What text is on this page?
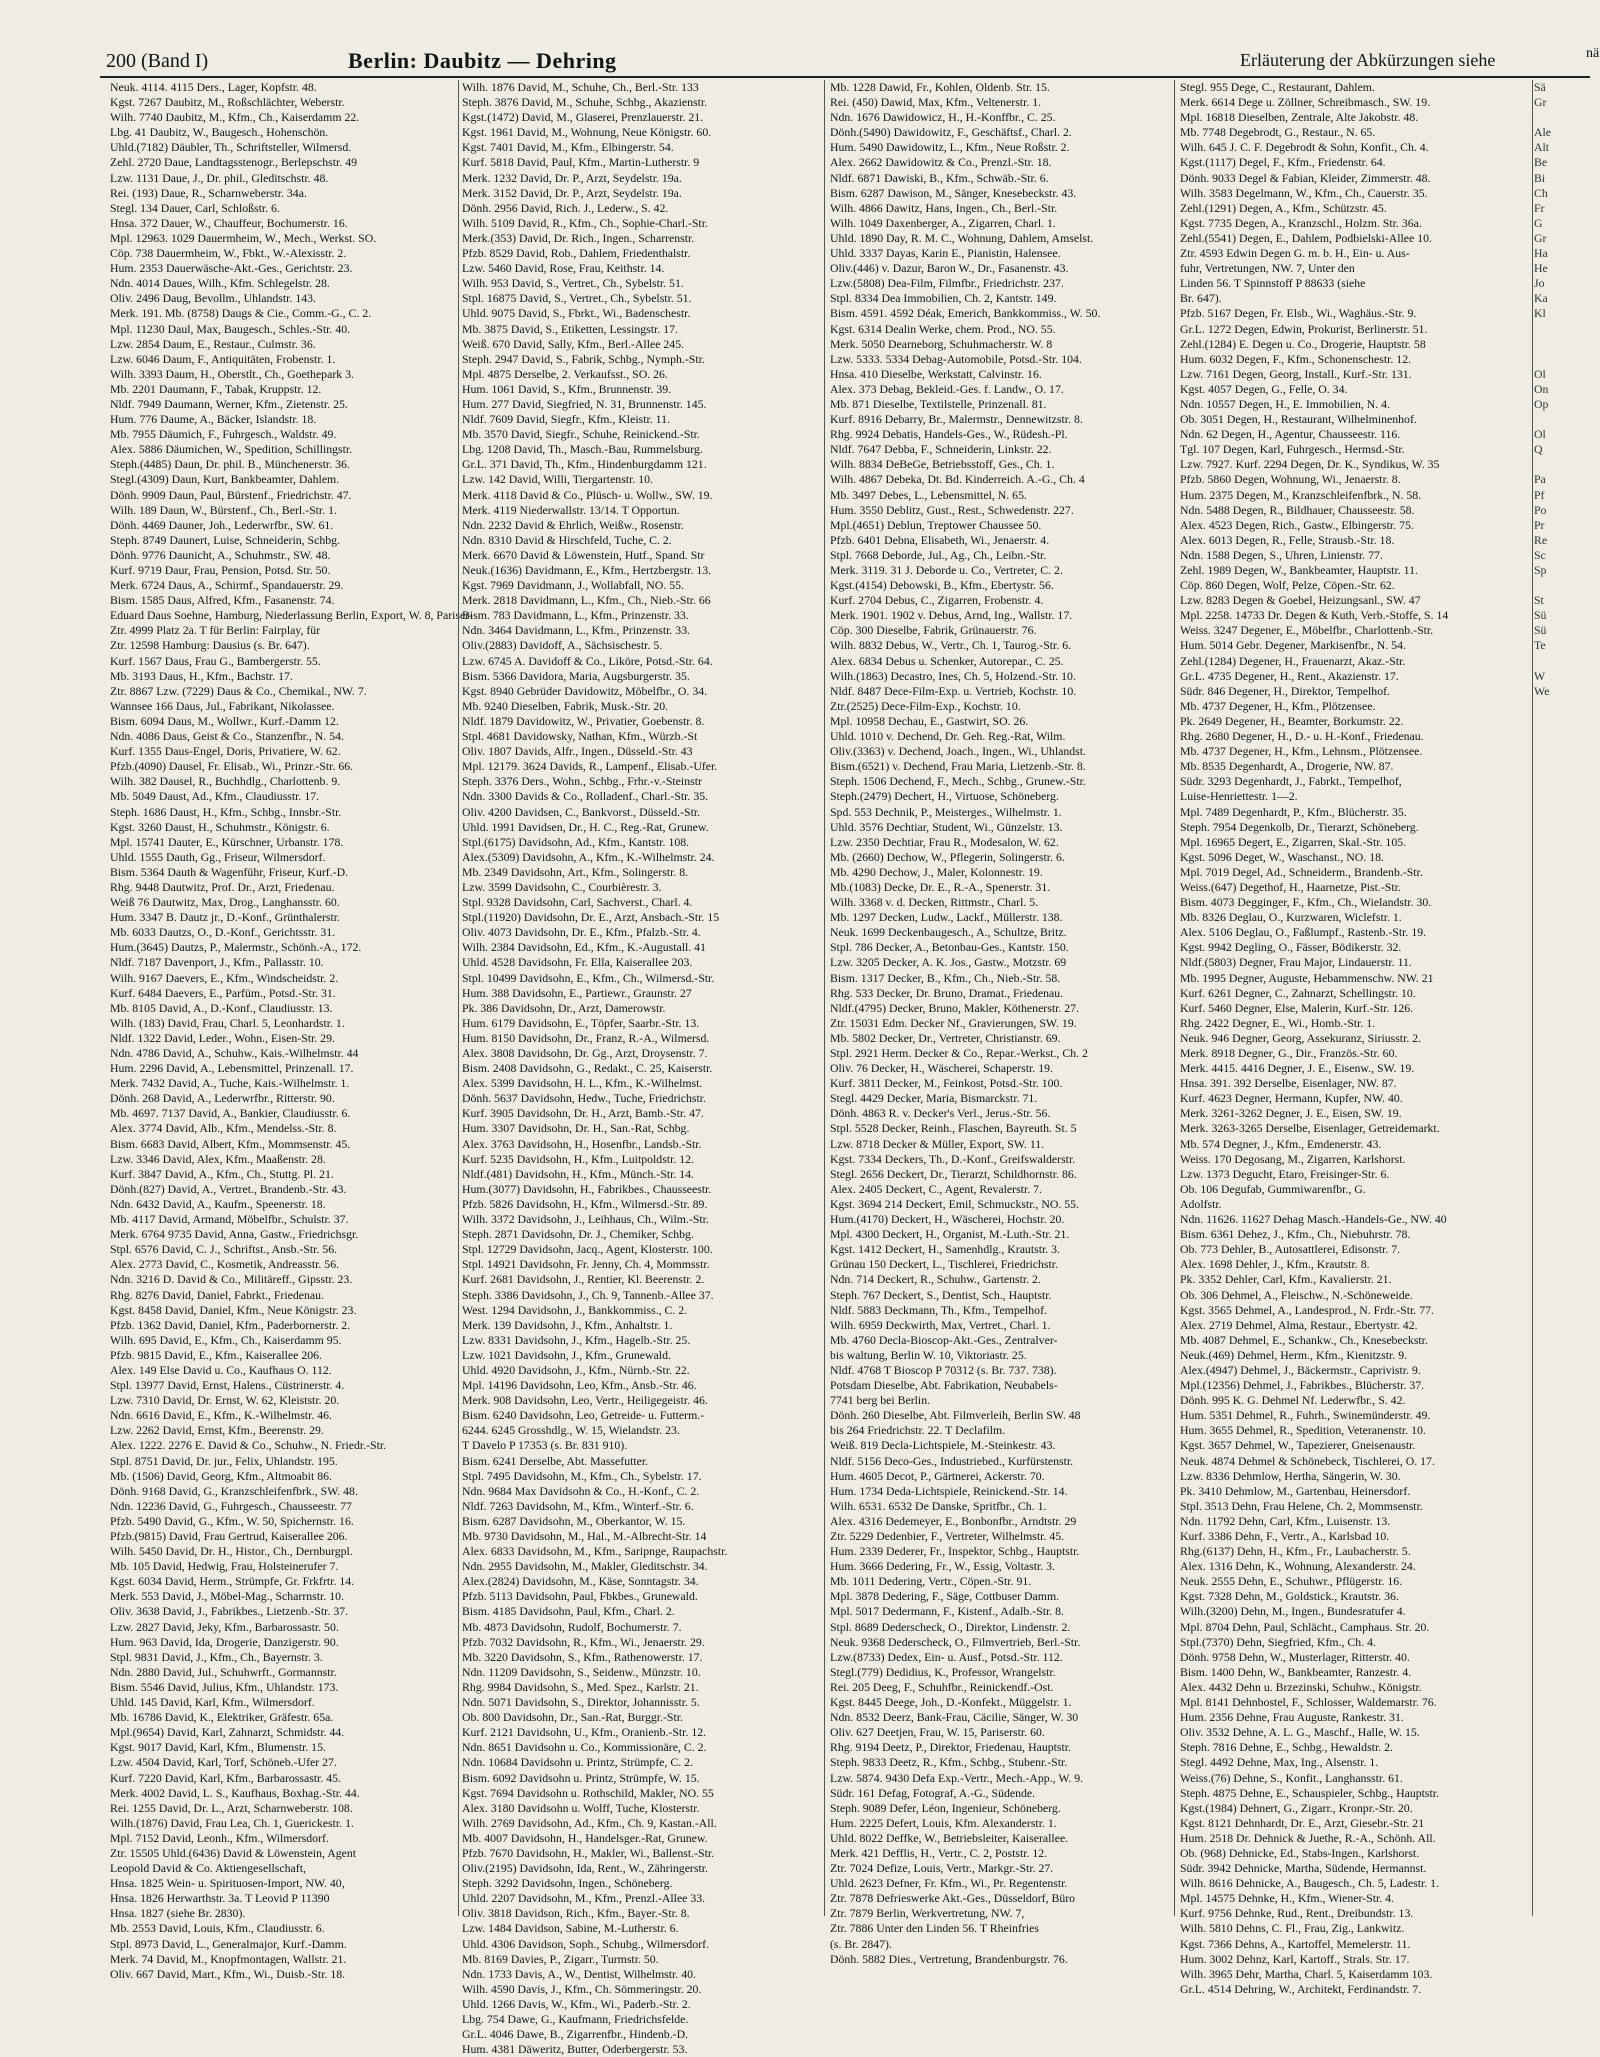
200 (Band I)	Berlin: Daubitz — Dehring	Erläuterung der Abkürzungen siehe	nä
Neuk. 4114. 4115 Ders., Lager, Kopfstr. 48.
Kgst. 7267 Daubitz, M., Roßschlächter, Weberstr.
Wilh. 7740 Daubitz, M., Kfm., Ch., Kaiserdamm 22.
Lbg. 41 Daubitz, W., Baugesch., Hohenschön.
Uhld.(7182) Däubler, Th., Schriftsteller, Wilmersd.
Zehl. 2720 Daue, Landtagsstenogr., Berlepschstr. 49
Lzw. 1131 Daue, J., Dr. phil., Gleditschstr. 48.
Rei. (193) Daue, R., Scharnweberstr. 34a.
Stegl. 134 Dauer, Carl, Schloßstr. 6.
Hnsa. 372 Dauer, W., Chauffeur, Bochumerstr. 16.
Mpl. 12963. 1029 Dauermheim, W., Mech., Werkst. SO.
Cöp. 738 Dauermheim, W., Fbkt., W.-Alexisstr. 2.
Hum. 2353 Dauerwäsche-Akt.-Ges., Gerichtstr. 23.
Ndn. 4014 Daues, Wilh., Kfm. Schlegelstr. 28.
Oliv. 2496 Daug, Bevollm., Uhlandstr. 143.
Merk. 191. Mb. (8758) Daugs & Cie., Comm.-G., C. 2.
Mpl. 11230 Daul, Max, Baugesch., Schles.-Str. 40.
Lzw. 2854 Daum, E., Restaur., Culmstr. 36.
Lzw. 6046 Daum, F., Antiquitäten, Frobenstr. 1.
Wilh. 3393 Daum, H., Oberstlt., Ch., Goethepark 3.
Mb. 2201 Daumann, F., Tabak, Kruppstr. 12.
Nldf. 7949 Daumann, Werner, Kfm., Zietenstr. 25.
Hum. 776 Daume, A., Bäcker, Islandstr. 18.
Mb. 7955 Däumich, F., Fuhrgesch., Waldstr. 49.
Alex. 5886 Däumichen, W., Spedition, Schillingstr.
Steph.(4485) Daun, Dr. phil. B., Münchenerstr. 36.
Stegl.(4309) Daun, Kurt, Bankbeamter, Dahlem.
Dönh. 9909 Daun, Paul, Bürstenf., Friedrichstr. 47.
Wilh. 189 Daun, W., Bürstenf., Ch., Berl.-Str. 1.
Dönh. 4469 Dauner, Joh., Lederwrfbr., SW. 61.
Steph. 8749 Daunert, Luise, Schneiderin, Schbg.
Dönh. 9776 Daunicht, A., Schuhmstr., SW. 48.
Kurf. 9719 Daur, Frau, Pension, Potsd. Str. 50.
Merk. 6724 Daus, A., Schirmf., Spandauerstr. 29.
Bism. 1585 Daus, Alfred, Kfm., Fasanenstr. 74.
Eduard Daus Soehne, Hamburg, Niederlassung Berlin, Export, W. 8, Pariser-
Ztr. 4999 Platz 2a. T für Berlin: Fairplay, für
Ztr. 12598 Hamburg: Dausius (s. Br. 647).
Kurf. 1567 Daus, Frau G., Bambergerstr. 55.
Mb. 3193 Daus, H., Kfm., Bachstr. 17.
Ztr. 8867 Lzw. (7229) Daus & Co., Chemikal., NW. 7.
Wannsee 166 Daus, Jul., Fabrikant, Nikolassee.
Bism. 6094 Daus, M., Wollwr., Kurf.-Damm 12.
Ndn. 4086 Daus, Geist & Co., Stanzenfbr., N. 54.
Kurf. 1355 Daus-Engel, Doris, Privatiere, W. 62.
Pfzb.(4090) Dausel, Fr. Elisab., Wi., Prinzr.-Str. 66.
Wilh. 382 Dausel, R., Buchhdlg., Charlottenb. 9.
Mb. 5049 Daust, Ad., Kfm., Claudiusstr. 17.
Steph. 1686 Daust, H., Kfm., Schbg., Innsbr.-Str.
Kgst. 3260 Daust, H., Schuhmstr., Königstr. 6.
Mpl. 15741 Dauter, E., Kürschner, Urbanstr. 178.
Uhld. 1555 Dauth, Gg., Friseur, Wilmersdorf.
Bism. 5364 Dauth & Wagenführ, Friseur, Kurf.-D.
Rhg. 9448 Dautwitz, Prof. Dr., Arzt, Friedenau.
Weiß 76 Dautwitz, Max, Drog., Langhansstr. 60.
Hum. 3347 B. Dautz jr., D.-Konf., Grünthalerstr.
Mb. 6033 Dautzs, O., D.-Konf., Gerichtsstr. 31.
Hum.(3645) Dautzs, P., Malermstr., Schönh.-A., 172.
Nldf. 7187 Davenport, J., Kfm., Pallasstr. 10.
Wilh. 9167 Daevers, E., Kfm., Windscheidstr. 2.
Kurf. 6484 Daevers, E., Parfüm., Potsd.-Str. 31.
Mb. 8105 David, A., D.-Konf., Claudiusstr. 13.
Wilh. (183) David, Frau, Charl. 5, Leonhardstr. 1.
Nldf. 1322 David, Leder., Wohn., Eisen-Str. 29.
Ndn. 4786 David, A., Schuhw., Kais.-Wilhelmstr. 44
Hum. 2296 David, A., Lebensmittel, Prinzenall. 17.
Merk. 7432 David, A., Tuche, Kais.-Wilhelmstr. 1.
Dönh. 268 David, A., Lederwrfbr., Ritterstr. 90.
Mb. 4697. 7137 David, A., Bankier, Claudiusstr. 6.
Alex. 3774 David, Alb., Kfm., Mendelss.-Str. 8.
Bism. 6683 David, Albert, Kfm., Mommsenstr. 45.
Lzw. 3346 David, Alex, Kfm., Maaßenstr. 28.
Kurf. 3847 David, A., Kfm., Ch., Stuttg. Pl. 21.
Dönh.(827) David, A., Vertret., Brandenb.-Str. 43.
Ndn. 6432 David, A., Kaufm., Speenerstr. 18.
Mb. 4117 David, Armand, Möbelfbr., Schulstr. 37.
Merk. 6764 9735 David, Anna, Gastw., Friedrichsgr.
Stpl. 6576 David, C. J., Schriftst., Ansb.-Str. 56.
Alex. 2773 David, C., Kosmetik, Andreasstr. 56.
Ndn. 3216 D. David & Co., Militäreff., Gipsstr. 23.
Rhg. 8276 David, Daniel, Fabrkt., Friedenau.
Kgst. 8458 David, Daniel, Kfm., Neue Königstr. 23.
Pfzb. 1362 David, Daniel, Kfm., Paderbornerstr. 2.
Wilh. 695 David, E., Kfm., Ch., Kaiserdamm 95.
Pfzb. 9815 David, E., Kfm., Kaiserallee 206.
Alex. 149 Else David u. Co., Kaufhaus O. 112.
Stpl. 13977 David, Ernst, Halens., Cüstrinerstr. 4.
Lzw. 7310 David, Dr. Ernst, W. 62, Kleiststr. 20.
Ndn. 6616 David, E., Kfm., K.-Wilhelmstr. 46.
Lzw. 2262 David, Ernst, Kfm., Beerenstr. 29.
Alex. 1222. 2276 E. David & Co., Schuhw., N. Friedr.-Str.
Stpl. 8751 David, Dr. jur., Felix, Uhlandstr. 195.
Mb. (1506) David, Georg, Kfm., Altmoabit 86.
Dönh. 9168 David, G., Kranzschleifenfbrk., SW. 48.
Ndn. 12236 David, G., Fuhrgesch., Chausseestr. 77
Pfzb. 5490 David, G., Kfm., W. 50, Spichernstr. 16.
Pfzb.(9815) David, Frau Gertrud, Kaiserallee 206.
Wilh. 5450 David, Dr. H., Histor., Ch., Dernburgpl.
Mb. 105 David, Hedwig, Frau, Holsteinerufer 7.
Kgst. 6034 David, Herm., Strümpfe, Gr. Frkfrtr. 14.
Merk. 553 David, J., Möbel-Mag., Scharrnstr. 10.
Oliv. 3638 David, J., Fabrikbes., Lietzenb.-Str. 37.
Lzw. 2827 David, Jeky, Kfm., Barbarossastr. 50.
Hum. 963 David, Ida, Drogerie, Danzigerstr. 90.
Stpl. 9831 David, J., Kfm., Ch., Bayernstr. 3.
Ndn. 2880 David, Jul., Schuhwrft., Gormannstr.
Bism. 5546 David, Julius, Kfm., Uhlandstr. 173.
Uhld. 145 David, Karl, Kfm., Wilmersdorf.
Mb. 16786 David, K., Elektriker, Gräfestr. 65a.
Mpl.(9654) David, Karl, Zahnarzt, Schmidstr. 44.
Kgst. 9017 David, Karl, Kfm., Blumenstr. 15.
Lzw. 4504 David, Karl, Torf, Schöneb.-Ufer 27.
Kurf. 7220 David, Karl, Kfm., Barbarossastr. 45.
Merk. 4002 David, L. S., Kaufhaus, Boxhag.-Str. 44.
Rei. 1255 David, Dr. L., Arzt, Scharnweberstr. 108.
Wilh.(1876) David, Frau Lea, Ch. 1, Guerickestr. 1.
Mpl. 7152 David, Leonh., Kfm., Wilmersdorf.
Ztr. 15505 Uhld.(6436) David & Löwenstein, Agent
Leopold David & Co. Aktiengesellschaft,
Hnsa. 1825 Wein- u. Spirituosen-Import, NW. 40,
Hnsa. 1826 Herwarthstr. 3a. T Leovid P 11390
Hnsa. 1827 (siehe Br. 2830).
Mb. 2553 David, Louis, Kfm., Claudiusstr. 6.
Stpl. 8973 David, L., Generalmajor, Kurf.-Damm.
Merk. 74 David, M., Knopfmontagen, Wallstr. 21.
Oliv. 667 David, Mart., Kfm., Wi., Duisb.-Str. 18.
Wilh. 1876 David, M., Schuhe, Ch., Berl.-Str. 133
Steph. 3876 David, M., Schuhe, Schbg., Akazienstr.
Kgst.(1472) David, M., Glaserei, Prenzlauerstr. 21.
Kgst. 1961 David, M., Wohnung, Neue Königstr. 60.
Kgst. 7401 David, M., Kfm., Elbingerstr. 54.
Kurf. 5818 David, Paul, Kfm., Martin-Lutherstr. 9
Merk. 1232 David, Dr. P., Arzt, Seydelstr. 19a.
Merk. 3152 David, Dr. P., Arzt, Seydelstr. 19a.
Dönh. 2956 David, Rich. J., Lederw., S. 42.
Wilh. 5109 David, R., Kfm., Ch., Sophie-Charl.-Str.
Merk.(353) David, Dr. Rich., Ingen., Scharrenstr.
Pfzb. 8529 David, Rob., Dahlem, Friedenthalstr.
Lzw. 5460 David, Rose, Frau, Keithstr. 14.
Wilh. 953 David, S., Vertret., Ch., Sybelstr. 51.
Stpl. 16875 David, S., Vertret., Ch., Sybelstr. 51.
Uhld. 9075 David, S., Fbrkt., Wi., Badenschestr.
Mb. 3875 David, S., Etiketten, Lessingstr. 17.
Weiß. 670 David, Sally, Kfm., Berl.-Allee 245.
Steph. 2947 David, S., Fabrik, Schbg., Nymph.-Str.
Mpl. 4875 Derselbe, 2. Verkaufsst., SO. 26.
Hum. 1061 David, S., Kfm., Brunnenstr. 39.
Hum. 277 David, Siegfried, N. 31, Brunnenstr. 145.
Nldf. 7609 David, Siegfr., Kfm., Kleistr. 11.
Mb. 3570 David, Siegfr., Schuhe, Reinickend.-Str.
Lbg. 1208 David, Th., Masch.-Bau, Rummelsburg.
Gr.L. 371 David, Th., Kfm., Hindenburgdamm 121.
Lzw. 142 David, Willi, Tiergartenstr. 10.
Merk. 4118 David & Co., Plüsch- u. Wollw., SW. 19.
Merk. 4119 Niederwallstr. 13/14. T Opportun.
Ndn. 2232 David & Ehrlich, Weißw., Rosenstr.
Ndn. 8310 David & Hirschfeld, Tuche, C. 2.
Merk. 6670 David & Löwenstein, Hutf., Spand. Str
Neuk.(1636) Davidmann, E., Kfm., Hertzbergstr. 13.
Kgst. 7969 Davidmann, J., Wollabfall, NO. 55.
Merk. 2818 Davidmann, L., Kfm., Ch., Nieb.-Str. 66
Bism. 783 Davidmann, L., Kfm., Prinzenstr. 33.
Ndn. 3464 Davidmann, L., Kfm., Prinzenstr. 33.
Oliv.(2883) Davidoff, A., Sächsischestr. 5.
Lzw. 6745 A. Davidoff & Co., Liköre, Potsd.-Str. 64.
Bism. 5366 Davidora, Maria, Augsburgerstr. 35.
Kgst. 8940 Gebrüder Davidowitz, Möbelfbr., O. 34.
Mb. 9240 Dieselben, Fabrik, Musk.-Str. 20.
Nldf. 1879 Davidowitz, W., Privatier, Goebenstr. 8.
Stpl. 4681 Davidowsky, Nathan, Kfm., Würzb.-St
Oliv. 1807 Davids, Alfr., Ingen., Düsseld.-Str. 43
Mpl. 12179. 3624 Davids, R., Lampenf., Elisab.-Ufer.
Steph. 3376 Ders., Wohn., Schbg., Frhr.-v.-Steinstr
Ndn. 3300 Davids & Co., Rolladenf., Charl.-Str. 35.
Oliv. 4200 Davidsen, C., Bankvorst., Düsseld.-Str.
Uhld. 1991 Davidsen, Dr., H. C., Reg.-Rat, Grunew.
Stpl.(6175) Davidsohn, Ad., Kfm., Kantstr. 108.
Alex.(5309) Davidsohn, A., Kfm., K.-Wilhelmstr. 24.
Mb. 2349 Davidsohn, Art., Kfm., Solingerstr. 8.
Lzw. 3599 Davidsohn, C., Courbièrestr. 3.
Stpl. 9328 Davidsohn, Carl, Sachverst., Charl. 4.
Stpl.(11920) Davidsohn, Dr. E., Arzt, Ansbach.-Str. 15
Oliv. 4073 Davidsohn, Dr. E., Kfm., Pfalzb.-Str. 4.
Wilh. 2384 Davidsohn, Ed., Kfm., K.-Augustall. 41
Uhld. 4528 Davidsohn, Fr. Ella, Kaiserallee 203.
Stpl. 10499 Davidsohn, E., Kfm., Ch., Wilmersd.-Str.
Hum. 388 Davidsohn, E., Partiewr., Graunstr. 27
Pk. 386 Davidsohn, Dr., Arzt, Damerowstr.
Hum. 6179 Davidsohn, E., Töpfer, Saarbr.-Str. 13.
Hum. 8150 Davidsohn, Dr., Franz, R.-A., Wilmersd.
Alex. 3808 Davidsohn, Dr. Gg., Arzt, Droysenstr. 7.
Bism. 2408 Davidsohn, G., Redakt., C. 25, Kaiserstr.
Alex. 5399 Davidsohn, H. L., Kfm., K.-Wilhelmst.
Dönh. 5637 Davidsohn, Hedw., Tuche, Friedrichstr.
Kurf. 3905 Davidsohn, Dr. H., Arzt, Bamb.-Str. 47.
Hum. 3307 Davidsohn, Dr. H., San.-Rat, Schbg.
Alex. 3763 Davidsohn, H., Hosenfbr., Landsb.-Str.
Kurf. 5235 Davidsohn, H., Kfm., Luitpoldstr. 12.
Nldf.(481) Davidsohn, H., Kfm., Münch.-Str. 14.
Hum.(3077) Davidsohn, H., Fabrikbes., Chausseestr.
Pfzb. 5826 Davidsohn, H., Kfm., Wilmersd.-Str. 89.
Wilh. 3372 Davidsohn, J., Leihhaus, Ch., Wilm.-Str.
Steph. 2871 Davidsohn, Dr. J., Chemiker, Schbg.
Stpl. 12729 Davidsohn, Jacq., Agent, Klosterstr. 100.
Stpl. 14921 Davidsohn, Fr. Jenny, Ch. 4, Mommsstr.
Kurf. 2681 Davidsohn, J., Rentier, Kl. Beerenstr. 2.
Steph. 3386 Davidsohn, J., Ch. 9, Tannenb.-Allee 37.
West. 1294 Davidsohn, J., Bankkommiss., C. 2.
Merk. 139 Davidsohn, J., Kfm., Anhaltstr. 1.
Lzw. 8331 Davidsohn, J., Kfm., Hagelb.-Str. 25.
Lzw. 1021 Davidsohn, J., Kfm., Grunewald.
Uhld. 4920 Davidsohn, J., Kfm., Nürnb.-Str. 22.
Mpl. 14196 Davidsohn, Leo, Kfm., Ansb.-Str. 46.
Merk. 908 Davidsohn, Leo, Vertr., Heiligegeistr. 46.
Bism. 6240 Davidsohn, Leo, Getreide- u. Futterm.-
6244. 6245 Grosshdlg., W. 15, Wielandstr. 23.
T Davelo P 17353 (s. Br. 831 910).
Bism. 6241 Derselbe, Abt. Massefutter.
Stpl. 7495 Davidsohn, M., Kfm., Ch., Sybelstr. 17.
Ndn. 9684 Max Davidsohn & Co., H.-Konf., C. 2.
Nldf. 7263 Davidsohn, M., Kfm., Winterf.-Str. 6.
Bism. 6287 Davidsohn, M., Oberkantor, W. 15.
Mb. 9730 Davidsohn, M., Hal., M.-Albrecht-Str. 14
Alex. 6833 Davidsohn, M., Kfm., Saripnge, Raupachstr.
Ndn. 2955 Davidsohn, M., Makler, Gleditschstr. 34.
Alex.(2824) Davidsohn, M., Käse, Sonntagstr. 34.
Pfzb. 5113 Davidsohn, Paul, Fbkbes., Grunewald.
Bism. 4185 Davidsohn, Paul, Kfm., Charl. 2.
Mb. 4873 Davidsohn, Rudolf, Bochumerstr. 7.
Pfzb. 7032 Davidsohn, R., Kfm., Wi., Jenaerstr. 29.
Mb. 3220 Davidsohn, S., Kfm., Rathenowerstr. 17.
Ndn. 11209 Davidsohn, S., Seidenw., Münzstr. 10.
Rhg. 9984 Davidsohn, S., Med. Spez., Karlstr. 21.
Ndn. 5071 Davidsohn, S., Direktor, Johannisstr. 5.
Ob. 800 Davidsohn, Dr., San.-Rat, Burggr.-Str.
Kurf. 2121 Davidsohn, U., Kfm., Oranienb.-Str. 12.
Ndn. 8651 Davidsohn u. Co., Kommissionäre, C. 2.
Ndn. 10684 Davidsohn u. Printz, Strümpfe, C. 2.
Bism. 6092 Davidsohn u. Printz, Strümpfe, W. 15.
Kgst. 7694 Davidsohn u. Rothschild, Makler, NO. 55
Alex. 3180 Davidsohn u. Wolff, Tuche, Klosterstr.
Wilh. 2769 Davidsohn, Ad., Kfm., Ch. 9, Kastan.-All.
Mb. 4007 Davidsohn, H., Handelsger.-Rat, Grunew.
Pfzb. 7670 Davidsohn, H., Makler, Wi., Ballenst.-Str.
Oliv.(2195) Davidsohn, Ida, Rent., W., Zähringerstr.
Steph. 3292 Davidsohn, Ingen., Schöneberg.
Uhld. 2207 Davidsohn, M., Kfm., Prenzl.-Allee 33.
Oliv. 3818 Davidson, Rich., Kfm., Bayer.-Str. 8.
Lzw. 1484 Davidson, Sabine, M.-Lutherstr. 6.
Uhld. 4306 Davidson, Soph., Schubg., Wilmersdorf.
Mb. 8169 Davies, P., Zigarr., Turmstr. 50.
Ndn. 1733 Davis, A., W., Dentist, Wilhelmstr. 40.
Wilh. 4590 Davis, J., Kfm., Ch. Sömmeringstr. 20.
Uhld. 1266 Davis, W., Kfm., Wi., Paderb.-Str. 2.
Lbg. 754 Dawe, G., Kaufmann, Friedrichsfelde.
Gr.L. 4046 Dawe, B., Zigarrenfbr., Hindenb.-D.
Hum. 4381 Däweritz, Butter, Oderbergerstr. 53.
Mb. 1228 Dawid, Fr., Kohlen, Oldenb. Str. 15.
Rei. (450) Dawid, Max, Kfm., Veltenerstr. 1.
Ndn. 1676 Dawidowicz, H., H.-Konffbr., C. 25.
Dönh.(5490) Dawidowitz, F., Geschäftsf., Charl. 2.
Hum. 5490 Dawidowitz, L., Kfm., Neue Roßstr. 2.
Alex. 2662 Dawidowitz & Co., Prenzl.-Str. 18.
Nldf. 6871 Dawiski, B., Kfm., Schwäb.-Str. 6.
Bism. 6287 Dawison, M., Sänger, Knesebeckstr. 43.
Wilh. 4866 Dawitz, Hans, Ingen., Ch., Berl.-Str.
Wilh. 1049 Daxenberger, A., Zigarren, Charl. 1.
Uhld. 1890 Day, R. M. C., Wohnung, Dahlem, Amselst.
Uhld. 3337 Dayas, Karin E., Pianistin, Halensee.
Oliv.(446) v. Dazur, Baron W., Dr., Fasanenstr. 43.
Lzw.(5808) Dea-Film, Filmfbr., Friedrichstr. 237.
Stpl. 8334 Dea Immobilien, Ch. 2, Kantstr. 149.
Bism. 4591. 4592 Déak, Emerich, Bankkommiss., W. 50.
Kgst. 6314 Dealin Werke, chem. Prod., NO. 55.
Merk. 5050 Dearneborg, Schuhmacherstr. W. 8
Lzw. 5333. 5334 Debag-Automobile, Potsd.-Str. 104.
Hnsa. 410 Dieselbe, Werkstatt, Calvinstr. 16.
Alex. 373 Debag, Bekleid.-Ges. f. Landw., O. 17.
Mb. 871 Dieselbe, Textilstelle, Prinzenall. 81.
Kurf. 8916 Debarry, Br., Malermstr., Dennewitzstr. 8.
Rhg. 9924 Debatis, Handels-Ges., W., Rüdesh.-Pl.
Nldf. 7647 Debba, F., Schneiderin, Linkstr. 22.
Wilh. 8834 DeBeGe, Betriebsstoff, Ges., Ch. 1.
Wilh. 4867 Debeka, Dt. Bd. Kinderreich. A.-G., Ch. 4
Mb. 3497 Debes, L., Lebensmittel, N. 65.
Hum. 3550 Deblitz, Gust., Rest., Schwedenstr. 227.
Mpl.(4651) Deblun, Treptower Chaussee 50.
Pfzb. 6401 Debna, Elisabeth, Wi., Jenaerstr. 4.
Stpl. 7668 Deborde, Jul., Ag., Ch., Leibn.-Str.
Merk. 3119. 31 J. Deborde u. Co., Vertreter, C. 2.
Kgst.(4154) Debowski, B., Kfm., Ebertystr. 56.
Kurf. 2704 Debus, C., Zigarren, Frobenstr. 4.
Merk. 1901. 1902 v. Debus, Arnd, Ing., Wallstr. 17.
Cöp. 300 Dieselbe, Fabrik, Grünauerstr. 76.
Wilh. 8832 Debus, W., Vertr., Ch. 1, Taurog.-Str. 6.
Alex. 6834 Debus u. Schenker, Autorepar., C. 25.
Wilh.(1863) Decastro, Ines, Ch. 5, Holzend.-Str. 10.
Nldf. 8487 Dece-Film-Exp. u. Vertrieb, Kochstr. 10.
Ztr.(2525) Dece-Film-Exp., Kochstr. 10.
Mpl. 10958 Dechau, E., Gastwirt, SO. 26.
Uhld. 1010 v. Dechend, Dr. Geh. Reg.-Rat, Wilm.
Oliv.(3363) v. Dechend, Joach., Ingen., Wi., Uhlandst.
Bism.(6521) v. Dechend, Frau Maria, Lietzenb.-Str. 8.
Steph. 1506 Dechend, F., Mech., Schbg., Grunew.-Str.
Steph.(2479) Dechert, H., Virtuose, Schöneberg.
Spd. 553 Dechnik, P., Meisterges., Wilhelmstr. 1.
Uhld. 3576 Dechtiar, Student, Wi., Günzelstr. 13.
Lzw. 2350 Dechtiar, Frau R., Modesalon, W. 62.
Mb. (2660) Dechow, W., Pflegerin, Solingerstr. 6.
Mb. 4290 Dechow, J., Maler, Kolonnestr. 19.
Mb.(1083) Decke, Dr. E., R.-A., Spenerstr. 31.
Wilh. 3368 v. d. Decken, Rittmstr., Charl. 5.
Mb. 1297 Decken, Ludw., Lackf., Müllerstr. 138.
Neuk. 1699 Deckenbaugesch., A., Schultze, Britz.
Stpl. 786 Decker, A., Betonbau-Ges., Kantstr. 150.
Lzw. 3205 Decker, A. K. Jos., Gastw., Motzstr. 69
Bism. 1317 Decker, B., Kfm., Ch., Nieb.-Str. 58.
Rhg. 533 Decker, Dr. Bruno, Dramat., Friedenau.
Nldf.(4795) Decker, Bruno, Makler, Köthenerstr. 27.
Ztr. 15031 Edm. Decker Nf., Gravierungen, SW. 19.
Mb. 5802 Decker, Dr., Vertreter, Christianstr. 69.
Stpl. 2921 Herm. Decker & Co., Repar.-Werkst., Ch. 2
Oliv. 76 Decker, H., Wäscherei, Schaperstr. 19.
Kurf. 3811 Decker, M., Feinkost, Potsd.-Str. 100.
Stegl. 4429 Decker, Maria, Bismarckstr. 71.
Dönh. 4863 R. v. Decker's Verl., Jerus.-Str. 56.
Stpl. 5528 Decker, Reinh., Flaschen, Bayreuth. St. 5
Lzw. 8718 Decker & Müller, Export, SW. 11.
Kgst. 7334 Deckers, Th., D.-Konf., Greifswalderstr.
Stegl. 2656 Deckert, Dr., Tierarzt, Schildhornstr. 86.
Alex. 2405 Deckert, C., Agent, Revalerstr. 7.
Kgst. 3694 214 Deckert, Emil, Schmuckstr., NO. 55.
Hum.(4170) Deckert, H., Wäscherei, Hochstr. 20.
Mpl. 4300 Deckert, H., Organist, M.-Luth.-Str. 21.
Kgst. 1412 Deckert, H., Samenhdlg., Krautstr. 3.
Grünau 150 Deckert, L., Tischlerei, Friedrichstr.
Ndn. 714 Deckert, R., Schuhw., Gartenstr. 2.
Steph. 767 Deckert, S., Dentist, Sch., Hauptstr.
Nldf. 5883 Deckmann, Th., Kfm., Tempelhof.
Wilh. 6959 Deckwirth, Max, Vertret., Charl. 1.
Mb. 4760 Decla-Bioscop-Akt.-Ges., Zentralver-
bis waltung, Berlin W. 10, Viktoriastr. 25.
Nldf. 4768 T Bioscop P 70312 (s. Br. 737. 738).
Potsdam Dieselbe, Abt. Fabrikation, Neubabels-
7741 berg bei Berlin.
Dönh. 260 Dieselbe, Abt. Filmverleih, Berlin SW. 48
bis 264 Friedrichstr. 22. T Declafilm.
Weiß. 819 Decla-Lichtspiele, M.-Steinkestr. 43.
Nldf. 5156 Deco-Ges., Industriebed., Kurfürstenstr.
Hum. 4605 Decot, P., Gärtnerei, Ackerstr. 70.
Hum. 1734 Deda-Lichtspiele, Reinickend.-Str. 14.
Wilh. 6531. 6532 De Danske, Spritfbr., Ch. 1.
Alex. 4316 Dedemeyer, E., Bonbonfbr., Arndtstr. 29
Ztr. 5229 Dedenbier, F., Vertreter, Wilhelmstr. 45.
Hum. 2339 Dederer, Fr., Inspektor, Schbg., Hauptstr.
Hum. 3666 Dedering, Fr., W., Essig, Voltastr. 3.
Mb. 1011 Dedering, Vertr., Cöpen.-Str. 91.
Mpl. 3878 Dedering, F., Säge, Cottbuser Damm.
Mpl. 5017 Dedermann, F., Kistenf., Adalb.-Str. 8.
Stpl. 8689 Dederscheck, O., Direktor, Lindenstr. 2.
Neuk. 9368 Dederscheck, O., Filmvertrieb, Berl.-Str.
Lzw.(8733) Dedex, Ein- u. Ausf., Potsd.-Str. 112.
Stegl.(779) Dedidius, K., Professor, Wrangelstr.
Rei. 205 Deeg, F., Schuhfbr., Reinickendf.-Ost.
Kgst. 8445 Deege, Joh., D.-Konfekt., Müggelstr. 1.
Ndn. 8532 Deerz, Bank-Frau, Cäcilie, Sänger, W. 30
Oliv. 627 Deetjen, Frau, W. 15, Pariserstr. 60.
Rhg. 9194 Deetz, P., Direktor, Friedenau, Hauptstr.
Steph. 9833 Deetz, R., Kfm., Schbg., Stubenr.-Str.
Lzw. 5874. 9430 Defa Exp.-Vertr., Mech.-App., W. 9.
Südr. 161 Defag, Fotograf, A.-G., Südende.
Steph. 9089 Defer, Léon, Ingenieur, Schöneberg.
Hum. 2225 Defert, Louis, Kfm. Alexanderstr. 1.
Uhld. 8022 Deffke, W., Betriebsleiter, Kaiserallee.
Merk. 421 Defflis, H., Vertr., C. 2, Poststr. 12.
Ztr. 7024 Defize, Louis, Vertr., Markgr.-Str. 27.
Uhld. 2623 Defner, Fr. Kfm., Wi., Pr. Regentenstr.
Ztr. 7878 Defrieswerke Akt.-Ges., Düsseldorf, Büro
Ztr. 7879 Berlin, Werkvertretung, NW. 7,
Ztr. 7886 Unter den Linden 56. T Rheinfries
(s. Br. 2847).
Dönh. 5882 Dies., Vertretung, Brandenburgstr. 76.
Stegl. 955 Dege, C., Restaurant, Dahlem.
Merk. 6614 Dege u. Zöllner, Schreibmasch., SW. 19.
Mpl. 16818 Dieselben, Zentrale, Alte Jakobstr. 48.
Mb. 7748 Degebrodt, G., Restaur., N. 65.
Wilh. 645 J. C. F. Degebrodt & Sohn, Konfit., Ch. 4.
Kgst.(1117) Degel, F., Kfm., Friedenstr. 64.
Dönh. 9033 Degel & Fabian, Kleider, Zimmerstr. 48.
Wilh. 3583 Degelmann, W., Kfm., Ch., Cauerstr. 35.
Zehl.(1291) Degen, A., Kfm., Schützstr. 45.
Kgst. 7735 Degen, A., Kranzschl., Holzm. Str. 36a.
Zehl.(5541) Degen, E., Dahlem, Podbielski-Allee 10.
Ztr. 4593 Edwin Degen G. m. b. H., Ein- u. Aus-
fuhr, Vertretungen, NW. 7, Unter den
Linden 56. T Spinnstoff P 88633 (siehe
Br. 647).
Pfzb. 5167 Degen, Fr. Elsb., Wi., Waghäus.-Str. 9.
Gr.L. 1272 Degen, Edwin, Prokurist, Berlinerstr. 51.
Zehl.(1284) E. Degen u. Co., Drogerie, Hauptstr. 58
Hum. 6032 Degen, F., Kfm., Schonenschestr. 12.
Lzw. 7161 Degen, Georg, Install., Kurf.-Str. 131.
Kgst. 4057 Degen, G., Felle, O. 34.
Ndn. 10557 Degen, H., E. Immobilien, N. 4.
Ob. 3051 Degen, H., Restaurant, Wilhelminenhof.
Ndn. 62 Degen, H., Agentur, Chausseestr. 116.
Tgl. 107 Degen, Karl, Fuhrgesch., Hermsd.-Str.
Lzw. 7927. Kurf. 2294 Degen, Dr. K., Syndikus, W. 35
Pfzb. 5860 Degen, Wohnung, Wi., Jenaerstr. 8.
Hum. 2375 Degen, M., Kranzschleifenfbrk., N. 58.
Ndn. 5488 Degen, R., Bildhauer, Chausseestr. 58.
Alex. 4523 Degen, Rich., Gastw., Elbingerstr. 75.
Alex. 6013 Degen, R., Felle, Strausb.-Str. 18.
Ndn. 1588 Degen, S., Uhren, Linienstr. 77.
Zehl. 1989 Degen, W., Bankbeamter, Hauptstr. 11.
Cöp. 860 Degen, Wolf, Pelze, Cöpen.-Str. 62.
Lzw. 8283 Degen & Goebel, Heizungsanl., SW. 47
Mpl. 2258. 14733 Dr. Degen & Kuth, Verb.-Stoffe, S. 14
Weiss. 3247 Degener, E., Möbelfbr., Charlottenb.-Str.
Hum. 5014 Gebr. Degener, Markisenfbr., N. 54.
Zehl.(1284) Degener, H., Frauenarzt, Akaz.-Str.
Gr.L. 4735 Degener, H., Rent., Akazienstr. 17.
Südr. 846 Degener, H., Direktor, Tempelhof.
Mb. 4737 Degener, H., Kfm., Plötzensee.
Pk. 2649 Degener, H., Beamter, Borkumstr. 22.
Rhg. 2680 Degener, H., D.- u. H.-Konf., Friedenau.
Mb. 4737 Degener, H., Kfm., Lehnsm., Plötzensee.
Mb. 8535 Degenhardt, A., Drogerie, NW. 87.
Südr. 3293 Degenhardt, J., Fabrkt., Tempelhof,
Luise-Henriettestr. 1—2.
Mpl. 7489 Degenhardt, P., Kfm., Blücherstr. 35.
Steph. 7954 Degenkolb, Dr., Tierarzt, Schöneberg.
Mpl. 16965 Degert, E., Zigarren, Skal.-Str. 105.
Kgst. 5096 Deget, W., Waschanst., NO. 18.
Mpl. 7019 Degel, Ad., Schneiderm., Brandenb.-Str.
Weiss.(647) Degethof, H., Haarnetze, Pist.-Str.
Bism. 4073 Degginger, F., Kfm., Ch., Wielandstr. 30.
Mb. 8326 Deglau, O., Kurzwaren, Wiclefstr. 1.
Alex. 5106 Deglau, O., Faßlumpf., Rastenb.-Str. 19.
Kgst. 9942 Degling, O., Fässer, Bödikerstr. 32.
Nldf.(5803) Degner, Frau Major, Lindauerstr. 11.
Mb. 1995 Degner, Auguste, Hebammenschw. NW. 21
Kurf. 6261 Degner, C., Zahnarzt, Schellingstr. 10.
Kurf. 5460 Degner, Else, Malerin, Kurf.-Str. 126.
Rhg. 2422 Degner, E., Wi., Homb.-Str. 1.
Neuk. 946 Degner, Georg, Assekuranz, Siriusstr. 2.
Merk. 8918 Degner, G., Dir., Französ.-Str. 60.
Merk. 4415. 4416 Degner, J. E., Eisenw., SW. 19.
Hnsa. 391. 392 Derselbe, Eisenlager, NW. 87.
Kurf. 4623 Degner, Hermann, Kupfer, NW. 40.
Merk. 3261-3262 Degner, J. E., Eisen, SW. 19.
Merk. 3263-3265 Derselbe, Eisenlager, Getreidemarkt.
Mb. 574 Degner, J., Kfm., Emdenerstr. 43.
Weiss. 170 Degosang, M., Zigarren, Karlshorst.
Lzw. 1373 Degucht, Etaro, Freisinger-Str. 6.
Ob. 106 Degufab, Gummiwarenfbr., G.
Adolfstr.
Ndn. 11626. 11627 Dehag Masch.-Handels-Ge., NW. 40
Bism. 6361 Dehez, J., Kfm., Ch., Niebuhrstr. 78.
Ob. 773 Dehler, B., Autosattlerei, Edisonstr. 7.
Alex. 1698 Dehler, J., Kfm., Krautstr. 8.
Pk. 3352 Dehler, Carl, Kfm., Kavalierstr. 21.
Ob. 306 Dehmel, A., Fleischw., N.-Schöneweide.
Kgst. 3565 Dehmel, A., Landesprod., N. Frdr.-Str. 77.
Alex. 2719 Dehmel, Alma, Restaur., Ebertystr. 42.
Mb. 4087 Dehmel, E., Schankw., Ch., Knesebeckstr.
Neuk.(469) Dehmel, Herm., Kfm., Kienitzstr. 9.
Alex.(4947) Dehmel, J., Bäckermstr., Caprivistr. 9.
Mpl.(12356) Dehmel, J., Fabrikbes., Blücherstr. 37.
Dönh. 995 K. G. Dehmel Nf. Lederwfbr., S. 42.
Hum. 5351 Dehmel, R., Fuhrh., Swinemünderstr. 49.
Hum. 3655 Dehmel, R., Spedition, Veteranenstr. 10.
Kgst. 3657 Dehmel, W., Tapezierer, Gneisenaustr.
Neuk. 4874 Dehmel & Schönebeck, Tischlerei, O. 17.
Lzw. 8336 Dehmlow, Hertha, Sängerin, W. 30.
Pk. 3410 Dehmlow, M., Gartenbau, Heinersdorf.
Stpl. 3513 Dehn, Frau Helene, Ch. 2, Mommsenstr.
Ndn. 11792 Dehn, Carl, Kfm., Luisenstr. 13.
Kurf. 3386 Dehn, F., Vertr., A., Karlsbad 10.
Rhg.(6137) Dehn, H., Kfm., Fr., Laubacherstr. 5.
Alex. 1316 Dehn, K., Wohnung, Alexanderstr. 24.
Neuk. 2555 Dehn, E., Schuhwr., Pflügerstr. 16.
Kgst. 7328 Dehn, M., Goldstick., Krautstr. 36.
Wilh.(3200) Dehn, M., Ingen., Bundesratufer 4.
Mpl. 8704 Dehn, Paul, Schlächt., Camphaus. Str. 20.
Stpl.(7370) Dehn, Siegfried, Kfm., Ch. 4.
Dönh. 9758 Dehn, W., Musterlager, Ritterstr. 40.
Bism. 1400 Dehn, W., Bankbeamter, Ranzestr. 4.
Alex. 4432 Dehn u. Brzezinski, Schuhw., Königstr.
Mpl. 8141 Dehnbostel, F., Schlosser, Waldemarstr. 76.
Hum. 2356 Dehne, Frau Auguste, Rankestr. 31.
Oliv. 3532 Dehne, A. L. G., Maschf., Halle, W. 15.
Steph. 7816 Dehne, E., Schbg., Hewaldstr. 2.
Stegl. 4492 Dehne, Max, Ing., Alsenstr. 1.
Weiss.(76) Dehne, S., Konfit., Langhansstr. 61.
Steph. 4875 Dehne, E., Schauspieler, Schbg., Hauptstr.
Kgst.(1984) Dehnert, G., Zigarr., Kronpr.-Str. 20.
Kgst. 8121 Dehnhardt, Dr. E., Arzt, Giesebr.-Str. 21
Hum. 2518 Dr. Dehnick & Juethe, R.-A., Schönh. All.
Ob. (968) Dehnicke, Ed., Stabs-Ingen., Karlshorst.
Südr. 3942 Dehnicke, Martha, Südende, Hermannst.
Wilh. 8616 Dehnicke, A., Baugesch., Ch. 5, Ladestr. 1.
Mpl. 14575 Dehnke, H., Kfm., Wiener-Str. 4.
Kurf. 9756 Dehnke, Rud., Rent., Dreibundstr. 13.
Wilh. 5810 Dehns, C. Fl., Frau, Zig., Lankwitz.
Kgst. 7366 Dehns, A., Kartoffel, Memelerstr. 11.
Hum. 3002 Dehnz, Karl, Kartoff., Strals. Str. 17.
Wilh. 3965 Dehr, Martha, Charl. 5, Kaiserdamm 103.
Gr.L. 4514 Dehring, W., Architekt, Ferdinandstr. 7.
Sä
Gr

Ale
Alt
Be
Bi
Ch
Fr
G
Gr
Ha
He
Jo
Ka
Kl

Ol
On
Op

Ol
Q

Pa
Pf
Po
Pr
Re
Sc
Sp

St
Sü
Sü
Te

W
We
